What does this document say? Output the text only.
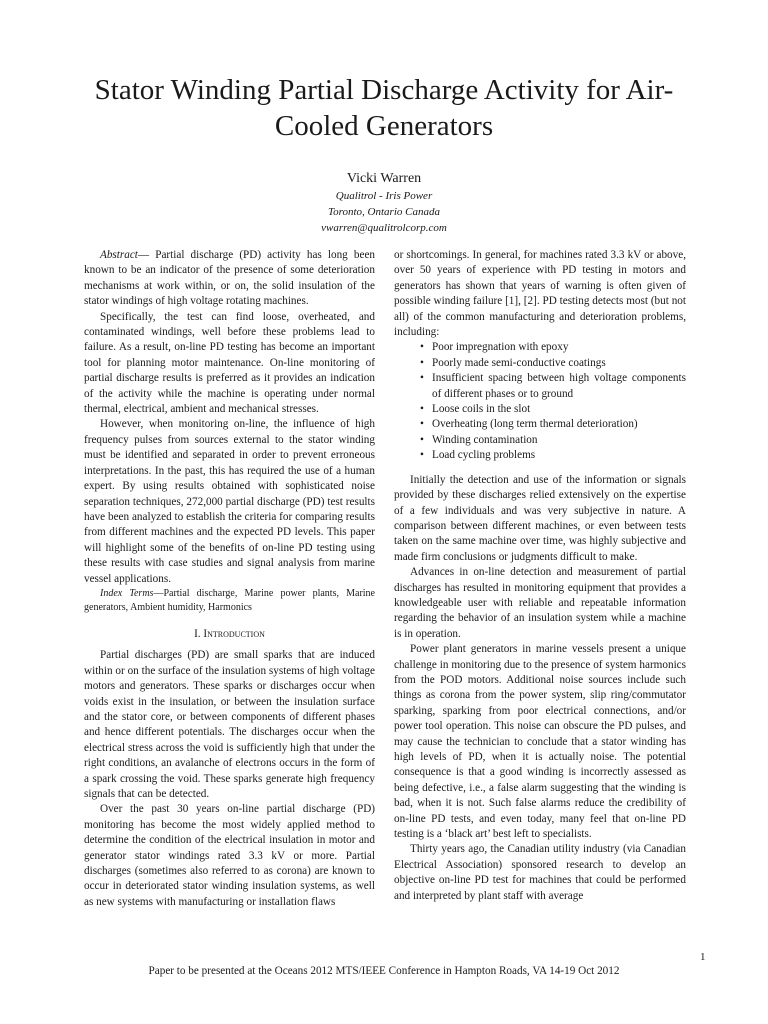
Stator Winding Partial Discharge Activity for Air-Cooled Generators
Vicki Warren
Qualitrol - Iris Power
Toronto, Ontario Canada
vwarren@qualitrolcorp.com

Abstract— Partial discharge (PD) activity has long been known to be an indicator of the presence of some deterioration mechanisms at work within, or on, the solid insulation of the stator windings of high voltage rotating machines.

Specifically, the test can find loose, overheated, and contaminated windings, well before these problems lead to failure. As a result, on-line PD testing has become an important tool for planning motor maintenance. On-line monitoring of partial discharge results is preferred as it provides an indication of the activity while the machine is operating under normal thermal, electrical, ambient and mechanical stresses.

However, when monitoring on-line, the influence of high frequency pulses from sources external to the stator winding must be identified and separated in order to prevent erroneous interpretations. In the past, this has required the use of a human expert. By using results obtained with sophisticated noise separation techniques, 272,000 partial discharge (PD) test results have been analyzed to establish the criteria for comparing results from different machines and the expected PD levels. This paper will highlight some of the benefits of on-line PD testing using these results with case studies and signal analysis from marine vessel applications.

Index Terms—Partial discharge, Marine power plants, Marine generators, Ambient humidity, Harmonics

I. Introduction

Partial discharges (PD) are small sparks that are induced within or on the surface of the insulation systems of high voltage motors and generators. These sparks or discharges occur when voids exist in the insulation, or between the insulation surface and the stator core, or between components of different phases and hence different potentials. The discharges occur when the electrical stress across the void is sufficiently high that under the right conditions, an avalanche of electrons occurs in the form of a spark crossing the void. These sparks generate high frequency signals that can be detected.

Over the past 30 years on-line partial discharge (PD) monitoring has become the most widely applied method to determine the condition of the electrical insulation in motor and generator stator windings rated 3.3 kV or more. Partial discharges (sometimes also referred to as corona) are known to occur in deteriorated stator winding insulation systems, as well as new systems with manufacturing or installation flaws

or shortcomings. In general, for machines rated 3.3 kV or above, over 50 years of experience with PD testing in motors and generators has shown that years of warning is often given of possible winding failure [1], [2]. PD testing detects most (but not all) of the common manufacturing and deterioration problems, including:

• Poor impregnation with epoxy
• Poorly made semi-conductive coatings
• Insufficient spacing between high voltage components of different phases or to ground
• Loose coils in the slot
• Overheating (long term thermal deterioration)
• Winding contamination
• Load cycling problems

Initially the detection and use of the information or signals provided by these discharges relied extensively on the expertise of a few individuals and was very subjective in nature. A comparison between different machines, or even between tests taken on the same machine over time, was highly subjective and made firm conclusions or judgments difficult to make.

Advances in on-line detection and measurement of partial discharges has resulted in monitoring equipment that provides a knowledgeable user with reliable and repeatable information regarding the behavior of an insulation system while a machine is in operation.

Power plant generators in marine vessels present a unique challenge in monitoring due to the presence of system harmonics from the POD motors. Additional noise sources include such things as corona from the power system, slip ring/commutator sparking, sparking from poor electrical connections, and/or power tool operation. This noise can obscure the PD pulses, and may cause the technician to conclude that a stator winding has high levels of PD, when it is actually noise. The potential consequence is that a good winding is incorrectly assessed as being defective, i.e., a false alarm suggesting that the winding is bad, when it is not. Such false alarms reduce the credibility of on-line PD tests, and even today, many feel that on-line PD testing is a ‘black art’ best left to specialists.

Thirty years ago, the Canadian utility industry (via Canadian Electrical Association) sponsored research to develop an objective on-line PD test for machines that could be performed and interpreted by plant staff with average

1
Paper to be presented at the Oceans 2012 MTS/IEEE Conference in Hampton Roads, VA 14-19 Oct 2012
